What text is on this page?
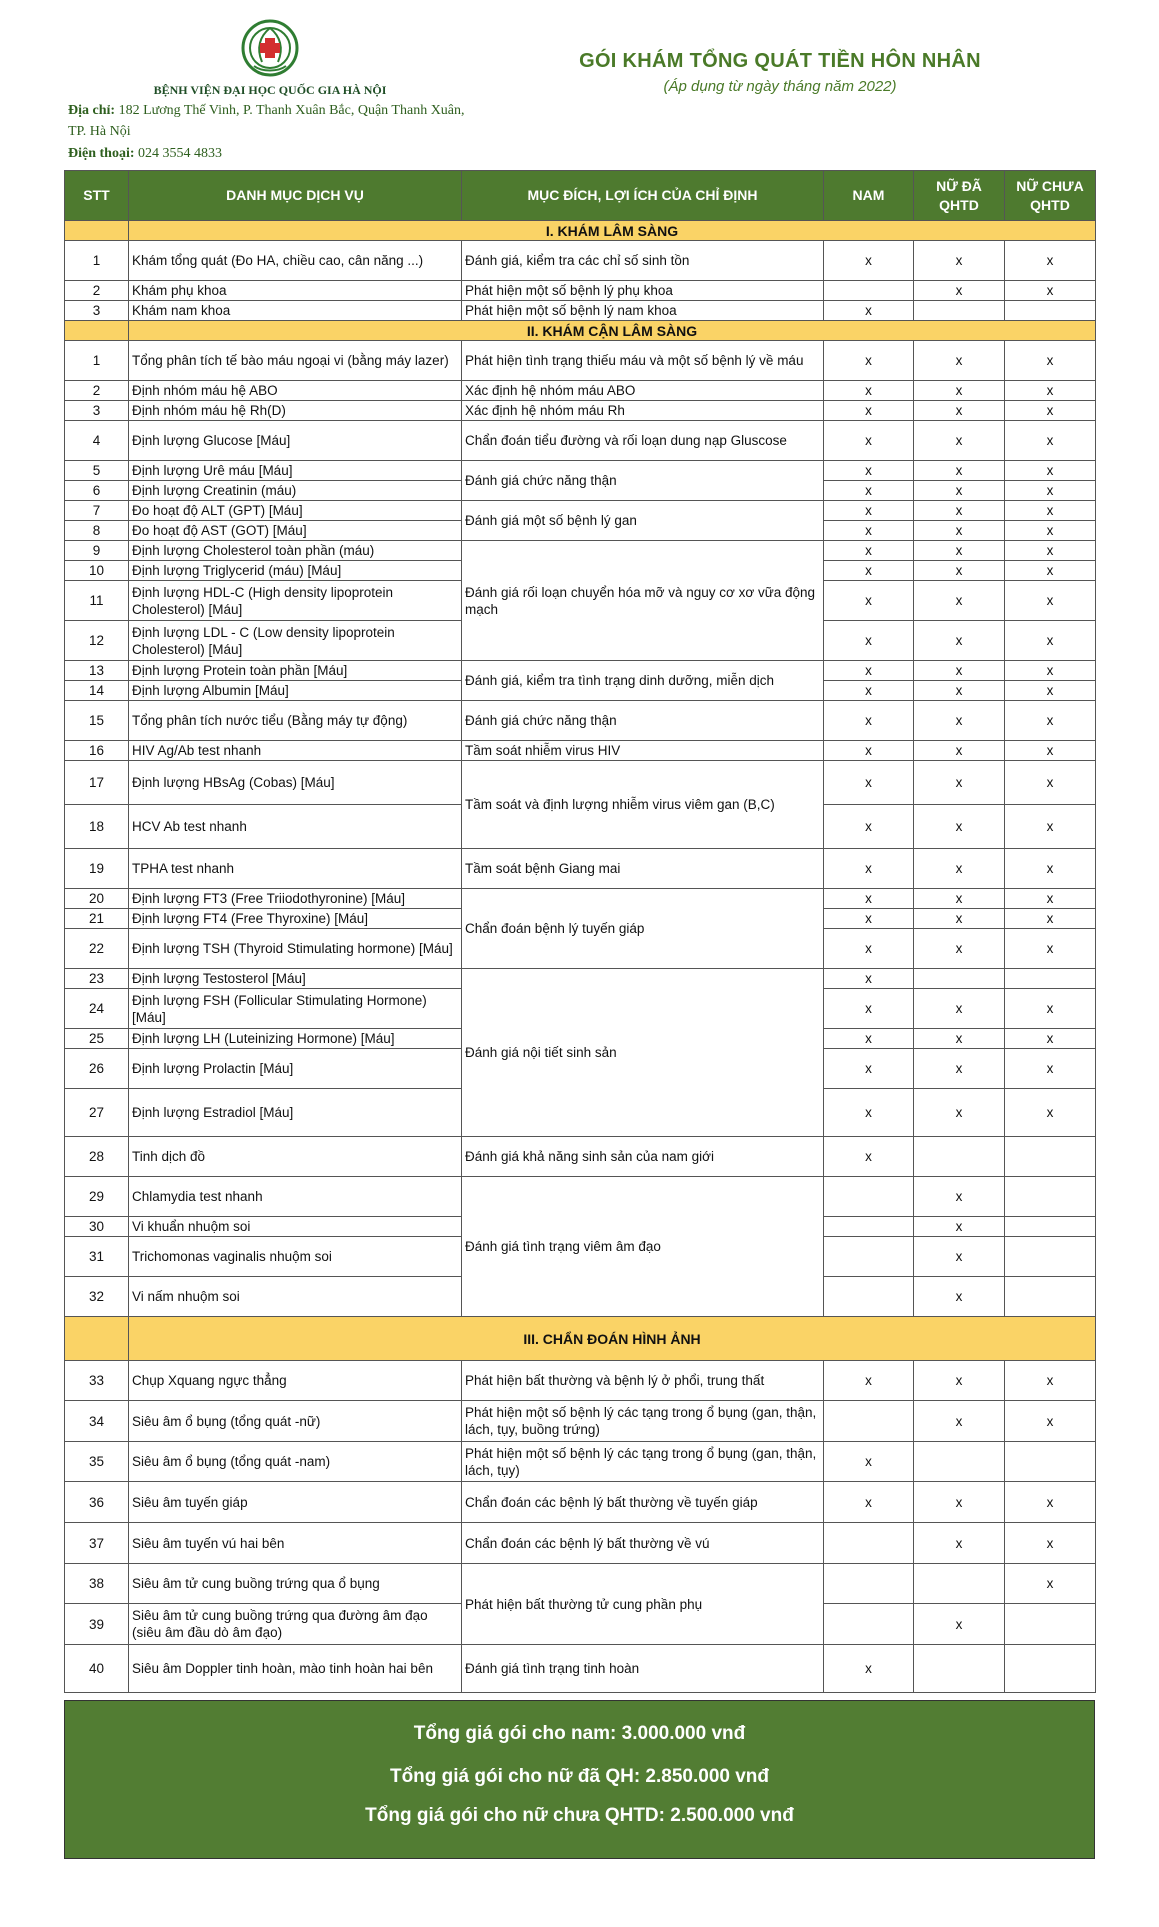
BỆNH VIỆN ĐẠI HỌC QUỐC GIA HÀ NỘI
Địa chỉ: 182 Lương Thế Vinh, P. Thanh Xuân Bắc, Quận Thanh Xuân, TP. Hà Nội
Điện thoại: 024 3554 4833
GÓI KHÁM TỔNG QUÁT TIỀN HÔN NHÂN
(Áp dụng từ ngày tháng năm 2022)
STT	DANH MỤC DỊCH VỤ	MỤC ĐÍCH, LỢI ÍCH CỦA CHỈ ĐỊNH	NAM	NỮ ĐÃ QHTD	NỮ CHƯA QHTD
	I. KHÁM LÂM SÀNG				
1	Khám tổng quát (Đo HA, chiều cao, cân năng ...)	Đánh giá, kiểm tra các chỉ số sinh tồn	x	x	x
2	Khám phụ khoa	Phát hiện một số bệnh lý phụ khoa		x	x
3	Khám nam khoa	Phát hiện một số bệnh lý nam khoa	x		
	II. KHÁM CẬN LÂM SÀNG				
1	Tổng phân tích tế bào máu ngoại vi (bằng máy lazer)	Phát hiện tình trạng thiếu máu và một số bệnh lý về máu	x	x	x
2	Định nhóm máu hệ ABO	Xác định hệ nhóm máu ABO	x	x	x
3	Định nhóm máu hệ Rh(D)	Xác định hệ nhóm máu Rh	x	x	x
4	Định lượng Glucose [Máu]	Chẩn đoán tiểu đường và rối loạn dung nạp Gluscose	x	x	x
5	Định lượng Urê máu [Máu]	Đánh giá chức năng thận	x	x	x
6	Định lượng Creatinin (máu)		x	x	x
7	Đo hoạt độ ALT (GPT) [Máu]	Đánh giá một số bệnh lý gan	x	x	x
8	Đo hoạt độ AST (GOT) [Máu]		x	x	x
9	Định lượng Cholesterol toàn phần (máu)	Đánh giá rối loạn chuyển hóa mỡ và nguy cơ xơ vữa động mạch	x	x	x
10	Định lượng Triglycerid (máu) [Máu]		x	x	x
11	Định lượng HDL-C (High density lipoprotein Cholesterol) [Máu]		x	x	x
12	Định lượng LDL - C (Low density lipoprotein Cholesterol) [Máu]		x	x	x
13	Định lượng Protein toàn phần [Máu]	Đánh giá, kiểm tra tình trạng dinh dưỡng, miễn dịch	x	x	x
14	Định lượng Albumin [Máu]		x	x	x
15	Tổng phân tích nước tiểu (Bằng máy tự động)	Đánh giá chức năng thận	x	x	x
16	HIV Ag/Ab test nhanh	Tầm soát nhiễm virus HIV	x	x	x
17	Định lượng HBsAg (Cobas) [Máu]	Tầm soát và định lượng nhiễm virus viêm gan (B,C)	x	x	x
18	HCV Ab test nhanh		x	x	x
19	TPHA test nhanh	Tầm soát bệnh Giang mai	x	x	x
20	Định lượng FT3 (Free Triiodothyronine) [Máu]	Chẩn đoán bệnh lý tuyến giáp	x	x	x
21	Định lượng FT4 (Free Thyroxine) [Máu]		x	x	x
22	Định lượng TSH (Thyroid Stimulating hormone) [Máu]		x	x	x
23	Định lượng Testosterol [Máu]	Đánh giá nội tiết sinh sản	x		
24	Định lượng FSH (Follicular Stimulating Hormone) [Máu]		x	x	x
25	Định lượng LH (Luteinizing Hormone) [Máu]		x	x	x
26	Định lượng Prolactin [Máu]		x	x	x
27	Định lượng Estradiol [Máu]		x	x	x
28	Tinh dịch đồ	Đánh giá khả năng sinh sản của nam giới	x		
29	Chlamydia test nhanh	Đánh giá tình trạng viêm âm đạo		x	
30	Vi khuẩn nhuộm soi			x	
31	Trichomonas vaginalis nhuộm soi			x	
32	Vi nấm nhuộm soi			x	
	III. CHẨN ĐOÁN HÌNH ẢNH				
33	Chụp Xquang ngực thẳng	Phát hiện bất thường và bệnh lý ở phổi, trung thất	x	x	x
34	Siêu âm ổ bụng (tổng quát -nữ)	Phát hiện một số bệnh lý các tạng trong ổ bụng (gan, thận, lách, tụy, buồng trứng)		x	x
35	Siêu âm ổ bụng (tổng quát -nam)	Phát hiện một số bệnh lý các tạng trong ổ bụng (gan, thận, lách, tụy)	x		
36	Siêu âm tuyến giáp	Chẩn đoán các bệnh lý bất thường về tuyến giáp	x	x	x
37	Siêu âm tuyến vú hai bên	Chẩn đoán các bệnh lý bất thường về vú		x	x
38	Siêu âm tử cung buồng trứng qua ổ bụng	Phát hiện bất thường tử cung phần phụ			x
39	Siêu âm tử cung buồng trứng qua đường âm đạo (siêu âm đầu dò âm đạo)			x	
40	Siêu âm Doppler tinh hoàn, mào tinh hoàn hai bên	Đánh giá tình trạng tinh hoàn	x		
Tổng giá gói cho nam: 3.000.000 vnđ
Tổng giá gói cho nữ đã QH: 2.850.000 vnđ
Tổng giá gói cho nữ chưa QHTD: 2.500.000 vnđ
